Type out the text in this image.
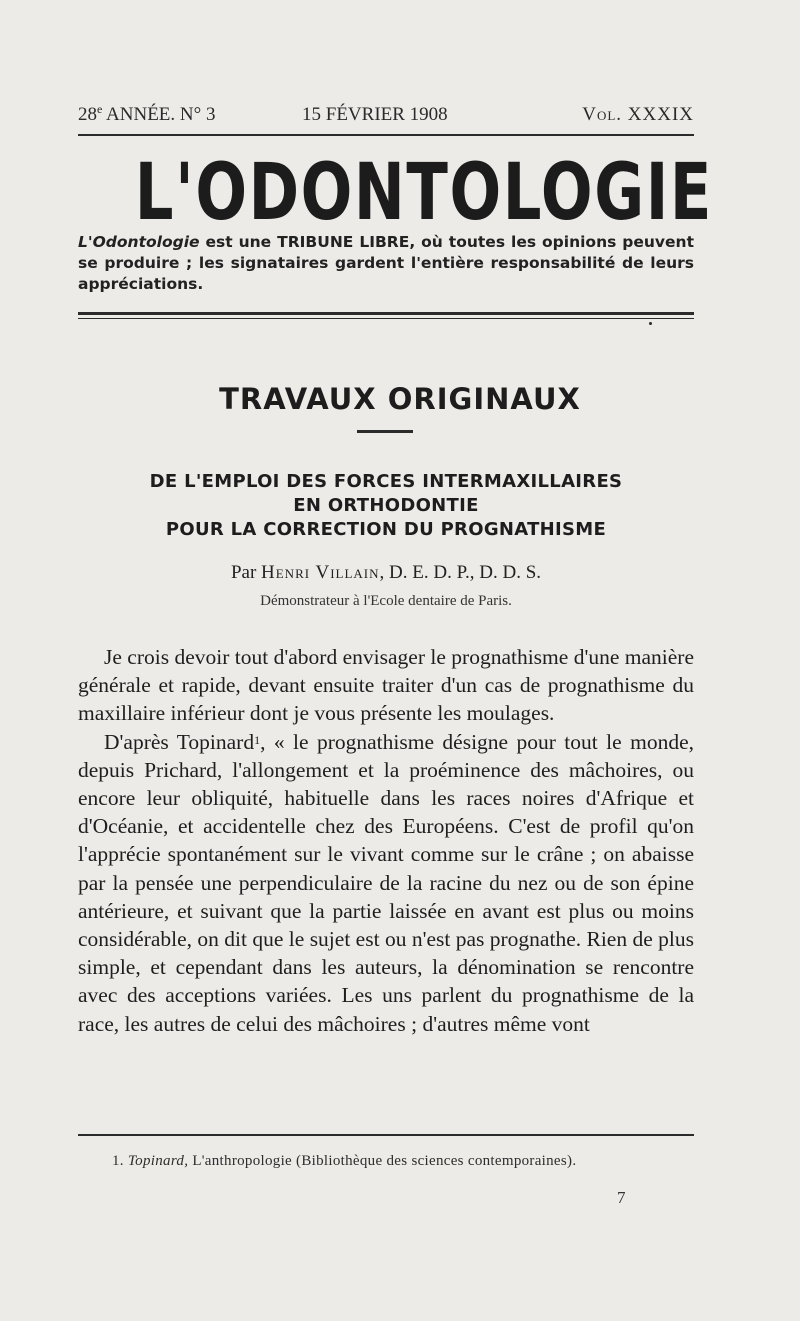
28e ANNÉE. N° 3	15 FÉVRIER 1908	Vol. XXXIX
L'ODONTOLOGIE
L'Odontologie est une TRIBUNE LIBRE, où toutes les opinions peuvent se produire ; les signataires gardent l'entière responsabilité de leurs appréciations.
TRAVAUX ORIGINAUX
DE L'EMPLOI DES FORCES INTERMAXILLAIRES
EN ORTHODONTIE
POUR LA CORRECTION DU PROGNATHISME
Par Henri Villain, D. E. D. P., D. D. S.
Démonstrateur à l'Ecole dentaire de Paris.

Je crois devoir tout d'abord envisager le prognathisme d'une manière générale et rapide, devant ensuite traiter d'un cas de prognathisme du maxillaire inférieur dont je vous présente les moulages.

D'après Topinard$^1$, « le prognathisme désigne pour tout le monde, depuis Prichard, l'allongement et la proéminence des mâchoires, ou encore leur obliquité, habituelle dans les races noires d'Afrique et d'Océanie, et accidentelle chez des Européens. C'est de profil qu'on l'apprécie spontanément sur le vivant comme sur le crâne ; on abaisse par la pensée une perpendiculaire de la racine du nez ou de son épine antérieure, et suivant que la partie laissée en avant est plus ou moins considérable, on dit que le sujet est ou n'est pas prognathe. Rien de plus simple, et cependant dans les auteurs, la dénomination se rencontre avec des acceptions variées. Les uns parlent du prognathisme de la race, les autres de celui des mâchoires ; d'autres même vont

1. Topinard, L'anthropologie (Bibliothèque des sciences contemporaines).
7
